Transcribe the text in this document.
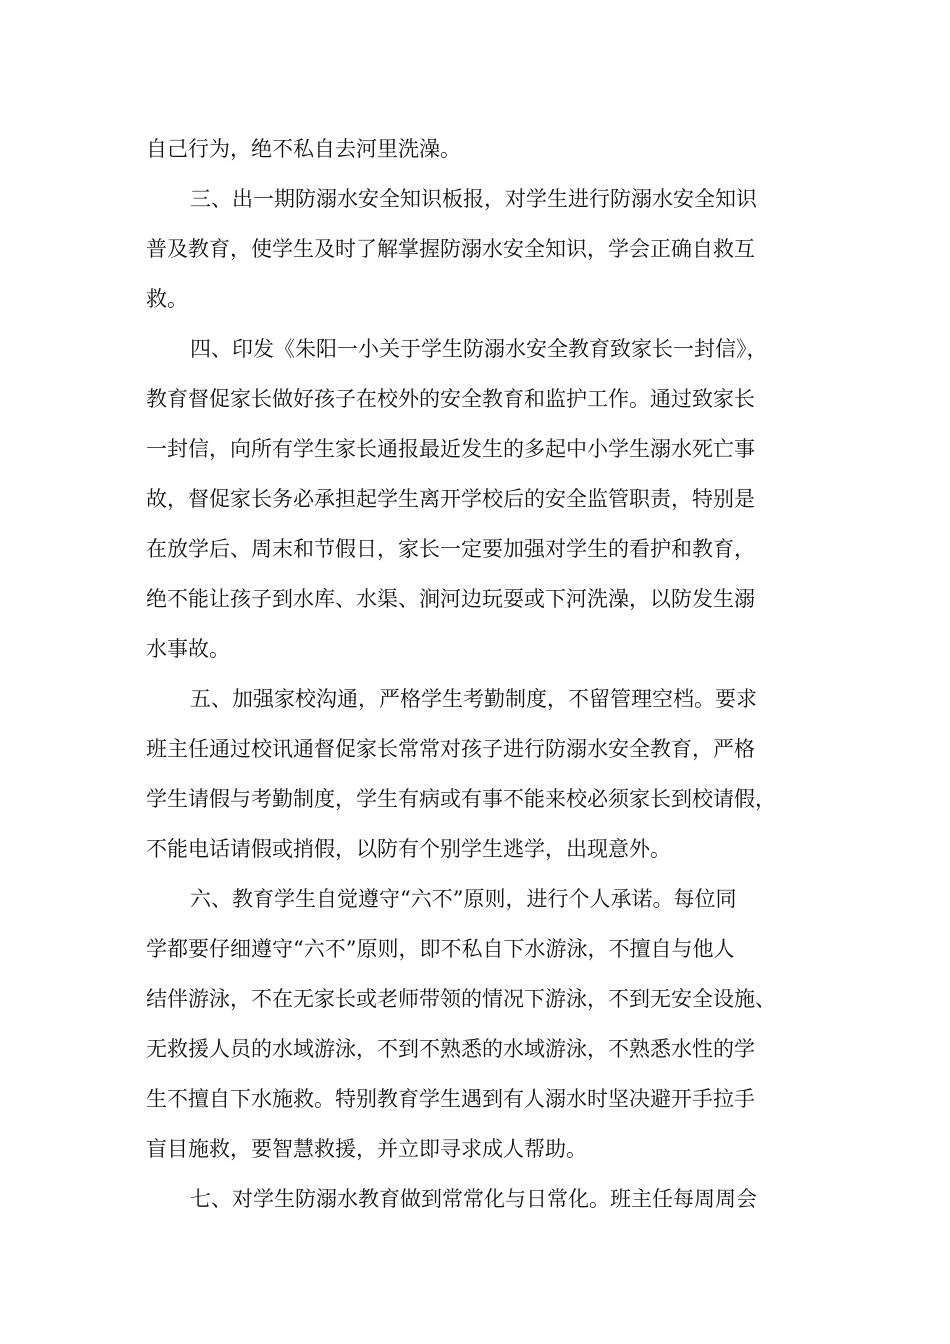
自己行为，绝不私自去河里洗澡。
三、出一期防溺水安全知识板报，对学生进行防溺水安全知识
普及教育，使学生及时了解掌握防溺水安全知识，学会正确自救互
救。
四、印发《朱阳一小关于学生防溺水安全教育致家长一封信》，
教育督促家长做好孩子在校外的安全教育和监护工作。通过致家长
一封信，向所有学生家长通报最近发生的多起中小学生溺水死亡事
故，督促家长务必承担起学生离开学校后的安全监管职责，特别是
在放学后、周末和节假日，家长一定要加强对学生的看护和教育，
绝不能让孩子到水库、水渠、涧河边玩耍或下河洗澡，以防发生溺
水事故。
五、加强家校沟通，严格学生考勤制度，不留管理空档。要求
班主任通过校讯通督促家长常常对孩子进行防溺水安全教育，严格
学生请假与考勤制度，学生有病或有事不能来校必须家长到校请假，
不能电话请假或捎假，以防有个别学生逃学，出现意外。
六、教育学生自觉遵守“六不”原则，进行个人承诺。每位同
学都要仔细遵守“六不”原则，即不私自下水游泳，不擅自与他人
结伴游泳，不在无家长或老师带领的情况下游泳，不到无安全设施、
无救援人员的水域游泳，不到不熟悉的水域游泳，不熟悉水性的学
生不擅自下水施救。特别教育学生遇到有人溺水时坚决避开手拉手
盲目施救，要智慧救援，并立即寻求成人帮助。
七、对学生防溺水教育做到常常化与日常化。班主任每周周会
